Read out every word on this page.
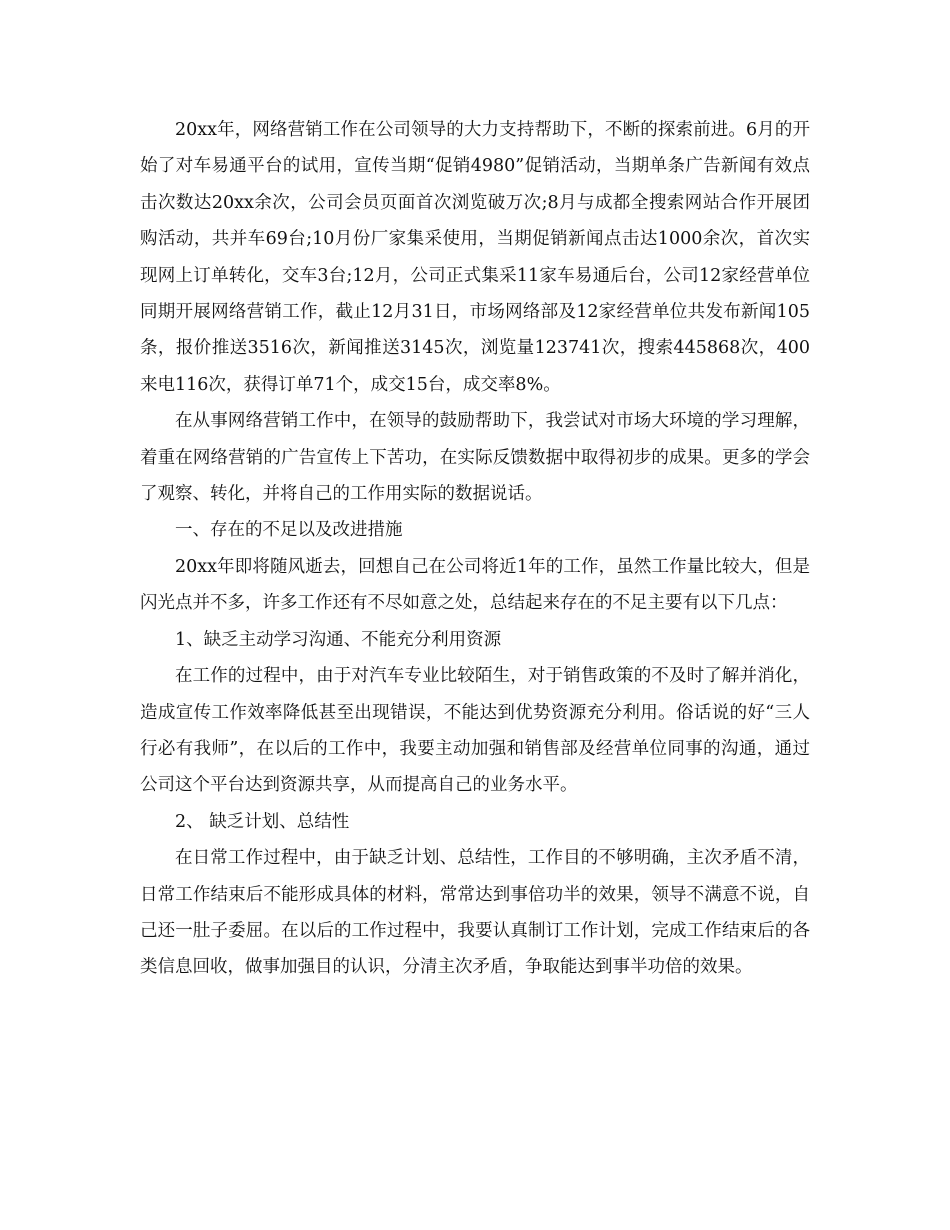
20xx年，网络营销工作在公司领导的大力支持帮助下，不断的探索前进。6月的开始了对车易通平台的试用，宣传当期“促销4980”促销活动，当期单条广告新闻有效点击次数达20xx余次，公司会员页面首次浏览破万次;8月与成都全搜索网站合作开展团购活动，共并车69台;10月份厂家集采使用，当期促销新闻点击达1000余次，首次实现网上订单转化，交车3台;12月，公司正式集采11家车易通后台，公司12家经营单位同期开展网络营销工作，截止12月31日，市场网络部及12家经营单位共发布新闻105条，报价推送3516次，新闻推送3145次，浏览量123741次，搜索445868次，400来电116次，获得订单71个，成交15台，成交率8%。

在从事网络营销工作中，在领导的鼓励帮助下，我尝试对市场大环境的学习理解，着重在网络营销的广告宣传上下苦功，在实际反馈数据中取得初步的成果。更多的学会了观察、转化，并将自己的工作用实际的数据说话。

一、存在的不足以及改进措施

20xx年即将随风逝去，回想自己在公司将近1年的工作，虽然工作量比较大，但是闪光点并不多，许多工作还有不尽如意之处，总结起来存在的不足主要有以下几点：

1、缺乏主动学习沟通、不能充分利用资源

在工作的过程中，由于对汽车专业比较陌生，对于销售政策的不及时了解并消化，造成宣传工作效率降低甚至出现错误，不能达到优势资源充分利用。俗话说的好“三人行必有我师”，在以后的工作中，我要主动加强和销售部及经营单位同事的沟通，通过公司这个平台达到资源共享，从而提高自己的业务水平。

2、 缺乏计划、总结性

在日常工作过程中，由于缺乏计划、总结性，工作目的不够明确，主次矛盾不清，日常工作结束后不能形成具体的材料，常常达到事倍功半的效果，领导不满意不说，自己还一肚子委屈。在以后的工作过程中，我要认真制订工作计划，完成工作结束后的各类信息回收，做事加强目的认识，分清主次矛盾，争取能达到事半功倍的效果。
